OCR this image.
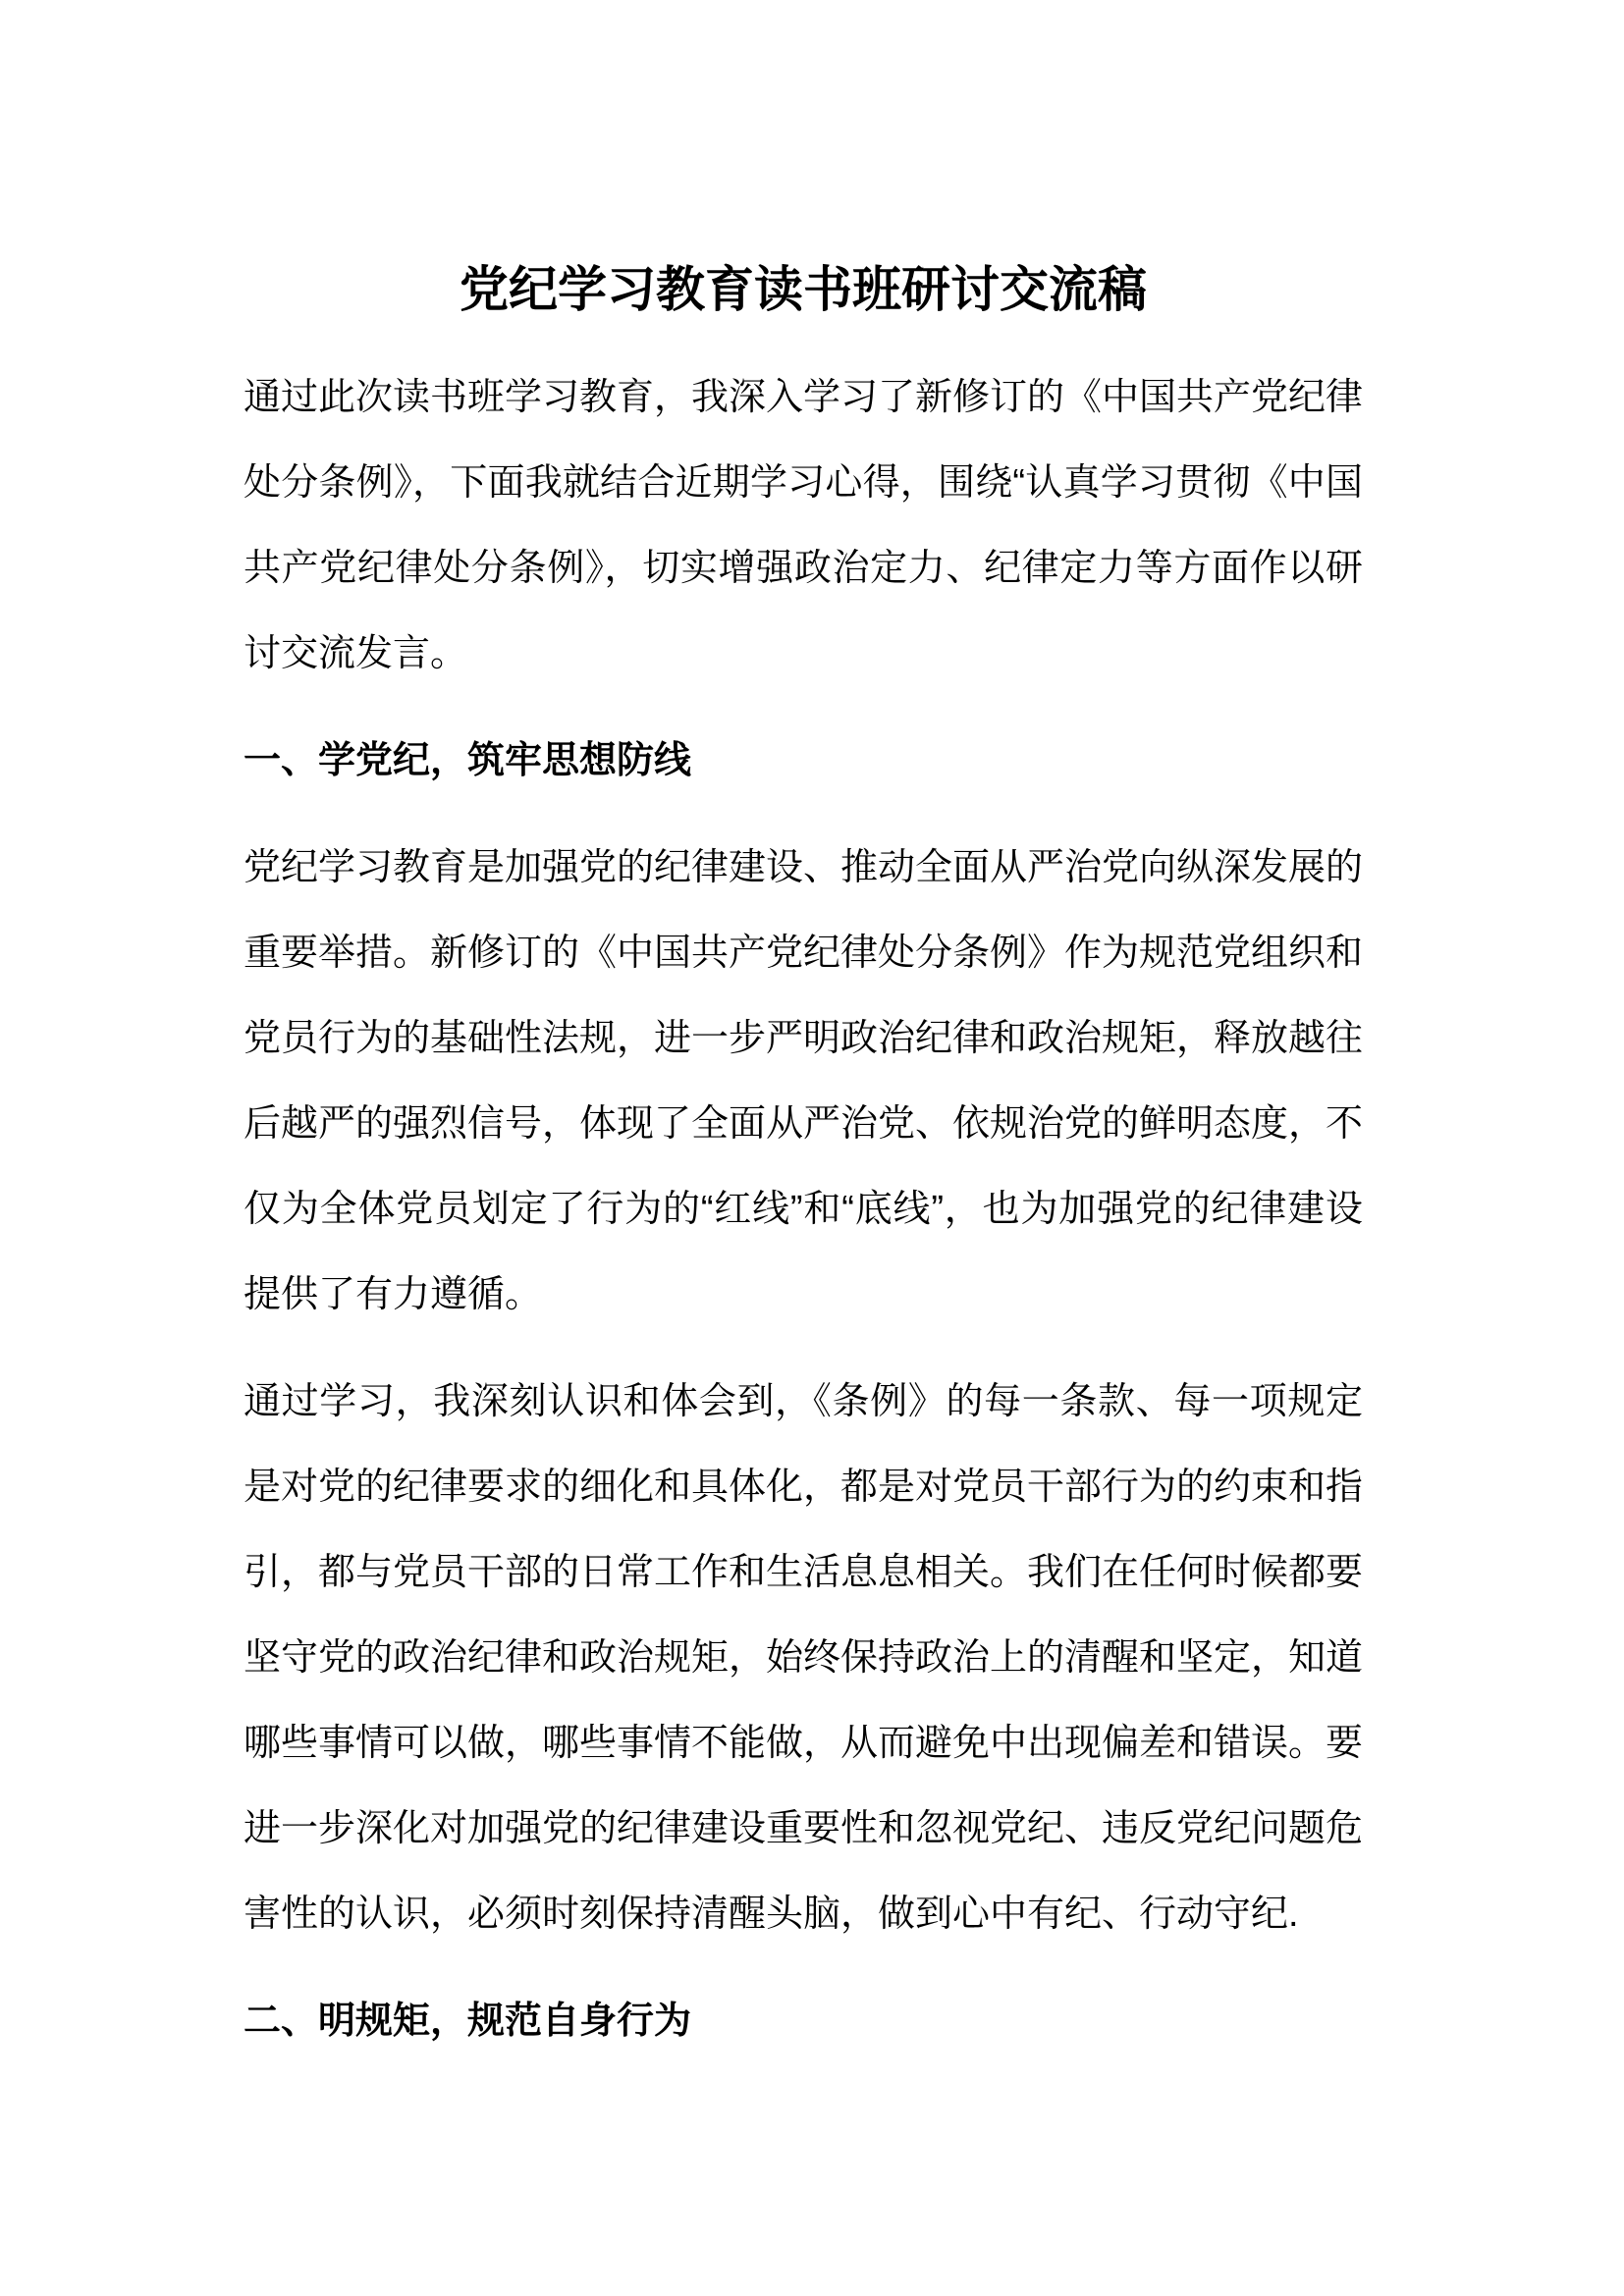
党纪学习教育读书班研讨交流稿
通过此次读书班学习教育，我深入学习了新修订的《中国共产党纪律处分条例》，下面我就结合近期学习心得，围绕“认真学习贯彻《中国共产党纪律处分条例》，切实增强政治定力、纪律定力等方面作以研讨交流发言。
一、学党纪，筑牢思想防线
党纪学习教育是加强党的纪律建设、推动全面从严治党向纵深发展的重要举措。新修订的《中国共产党纪律处分条例》作为规范党组织和党员行为的基础性法规，进一步严明政治纪律和政治规矩，释放越往后越严的强烈信号，体现了全面从严治党、依规治党的鲜明态度，不仅为全体党员划定了行为的“红线”和“底线”，也为加强党的纪律建设提供了有力遵循。
通过学习，我深刻认识和体会到，《条例》的每一条款、每一项规定是对党的纪律要求的细化和具体化，都是对党员干部行为的约束和指引，都与党员干部的日常工作和生活息息相关。我们在任何时候都要坚守党的政治纪律和政治规矩，始终保持政治上的清醒和坚定，知道哪些事情可以做，哪些事情不能做，从而避免中出现偏差和错误。要进一步深化对加强党的纪律建设重要性和忽视党纪、违反党纪问题危害性的认识，必须时刻保持清醒头脑，做到心中有纪、行动守纪.
二、明规矩，规范自身行为
